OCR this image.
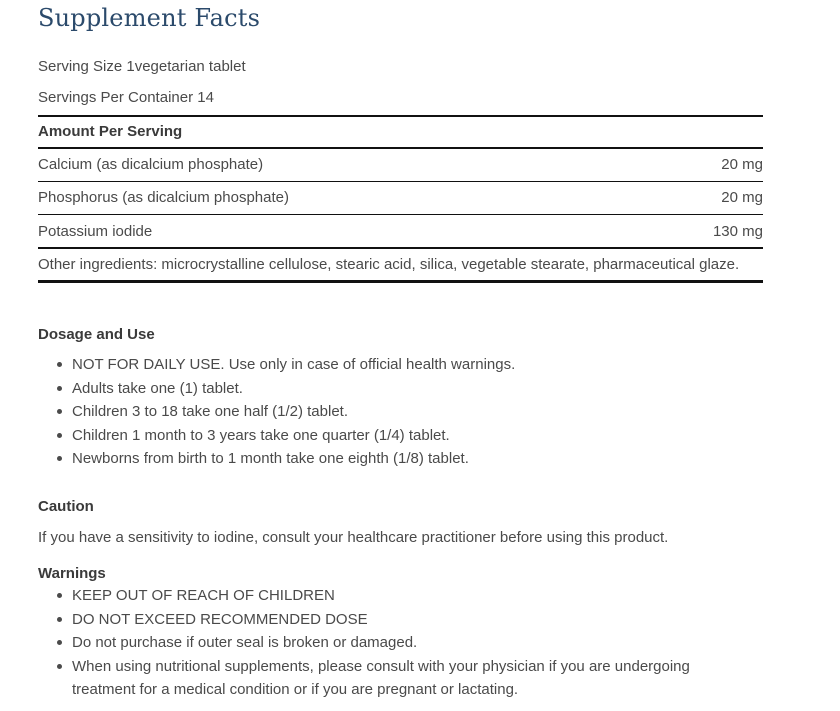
Supplement Facts
Serving Size 1vegetarian tablet
Servings Per Container 14
Amount Per Serving
Calcium (as dicalcium phosphate)	20 mg
Phosphorus (as dicalcium phosphate)	20 mg
Potassium iodide	130 mg
Other ingredients: microcrystalline cellulose, stearic acid, silica, vegetable stearate, pharmaceutical glaze.
Dosage and Use
NOT FOR DAILY USE. Use only in case of official health warnings.
Adults take one (1) tablet.
Children 3 to 18 take one half (1/2) tablet.
Children 1 month to 3 years take one quarter (1/4) tablet.
Newborns from birth to 1 month take one eighth (1/8) tablet.
Caution
If you have a sensitivity to iodine, consult your healthcare practitioner before using this product.
Warnings
KEEP OUT OF REACH OF CHILDREN
DO NOT EXCEED RECOMMENDED DOSE
Do not purchase if outer seal is broken or damaged.
When using nutritional supplements, please consult with your physician if you are undergoing treatment for a medical condition or if you are pregnant or lactating.
